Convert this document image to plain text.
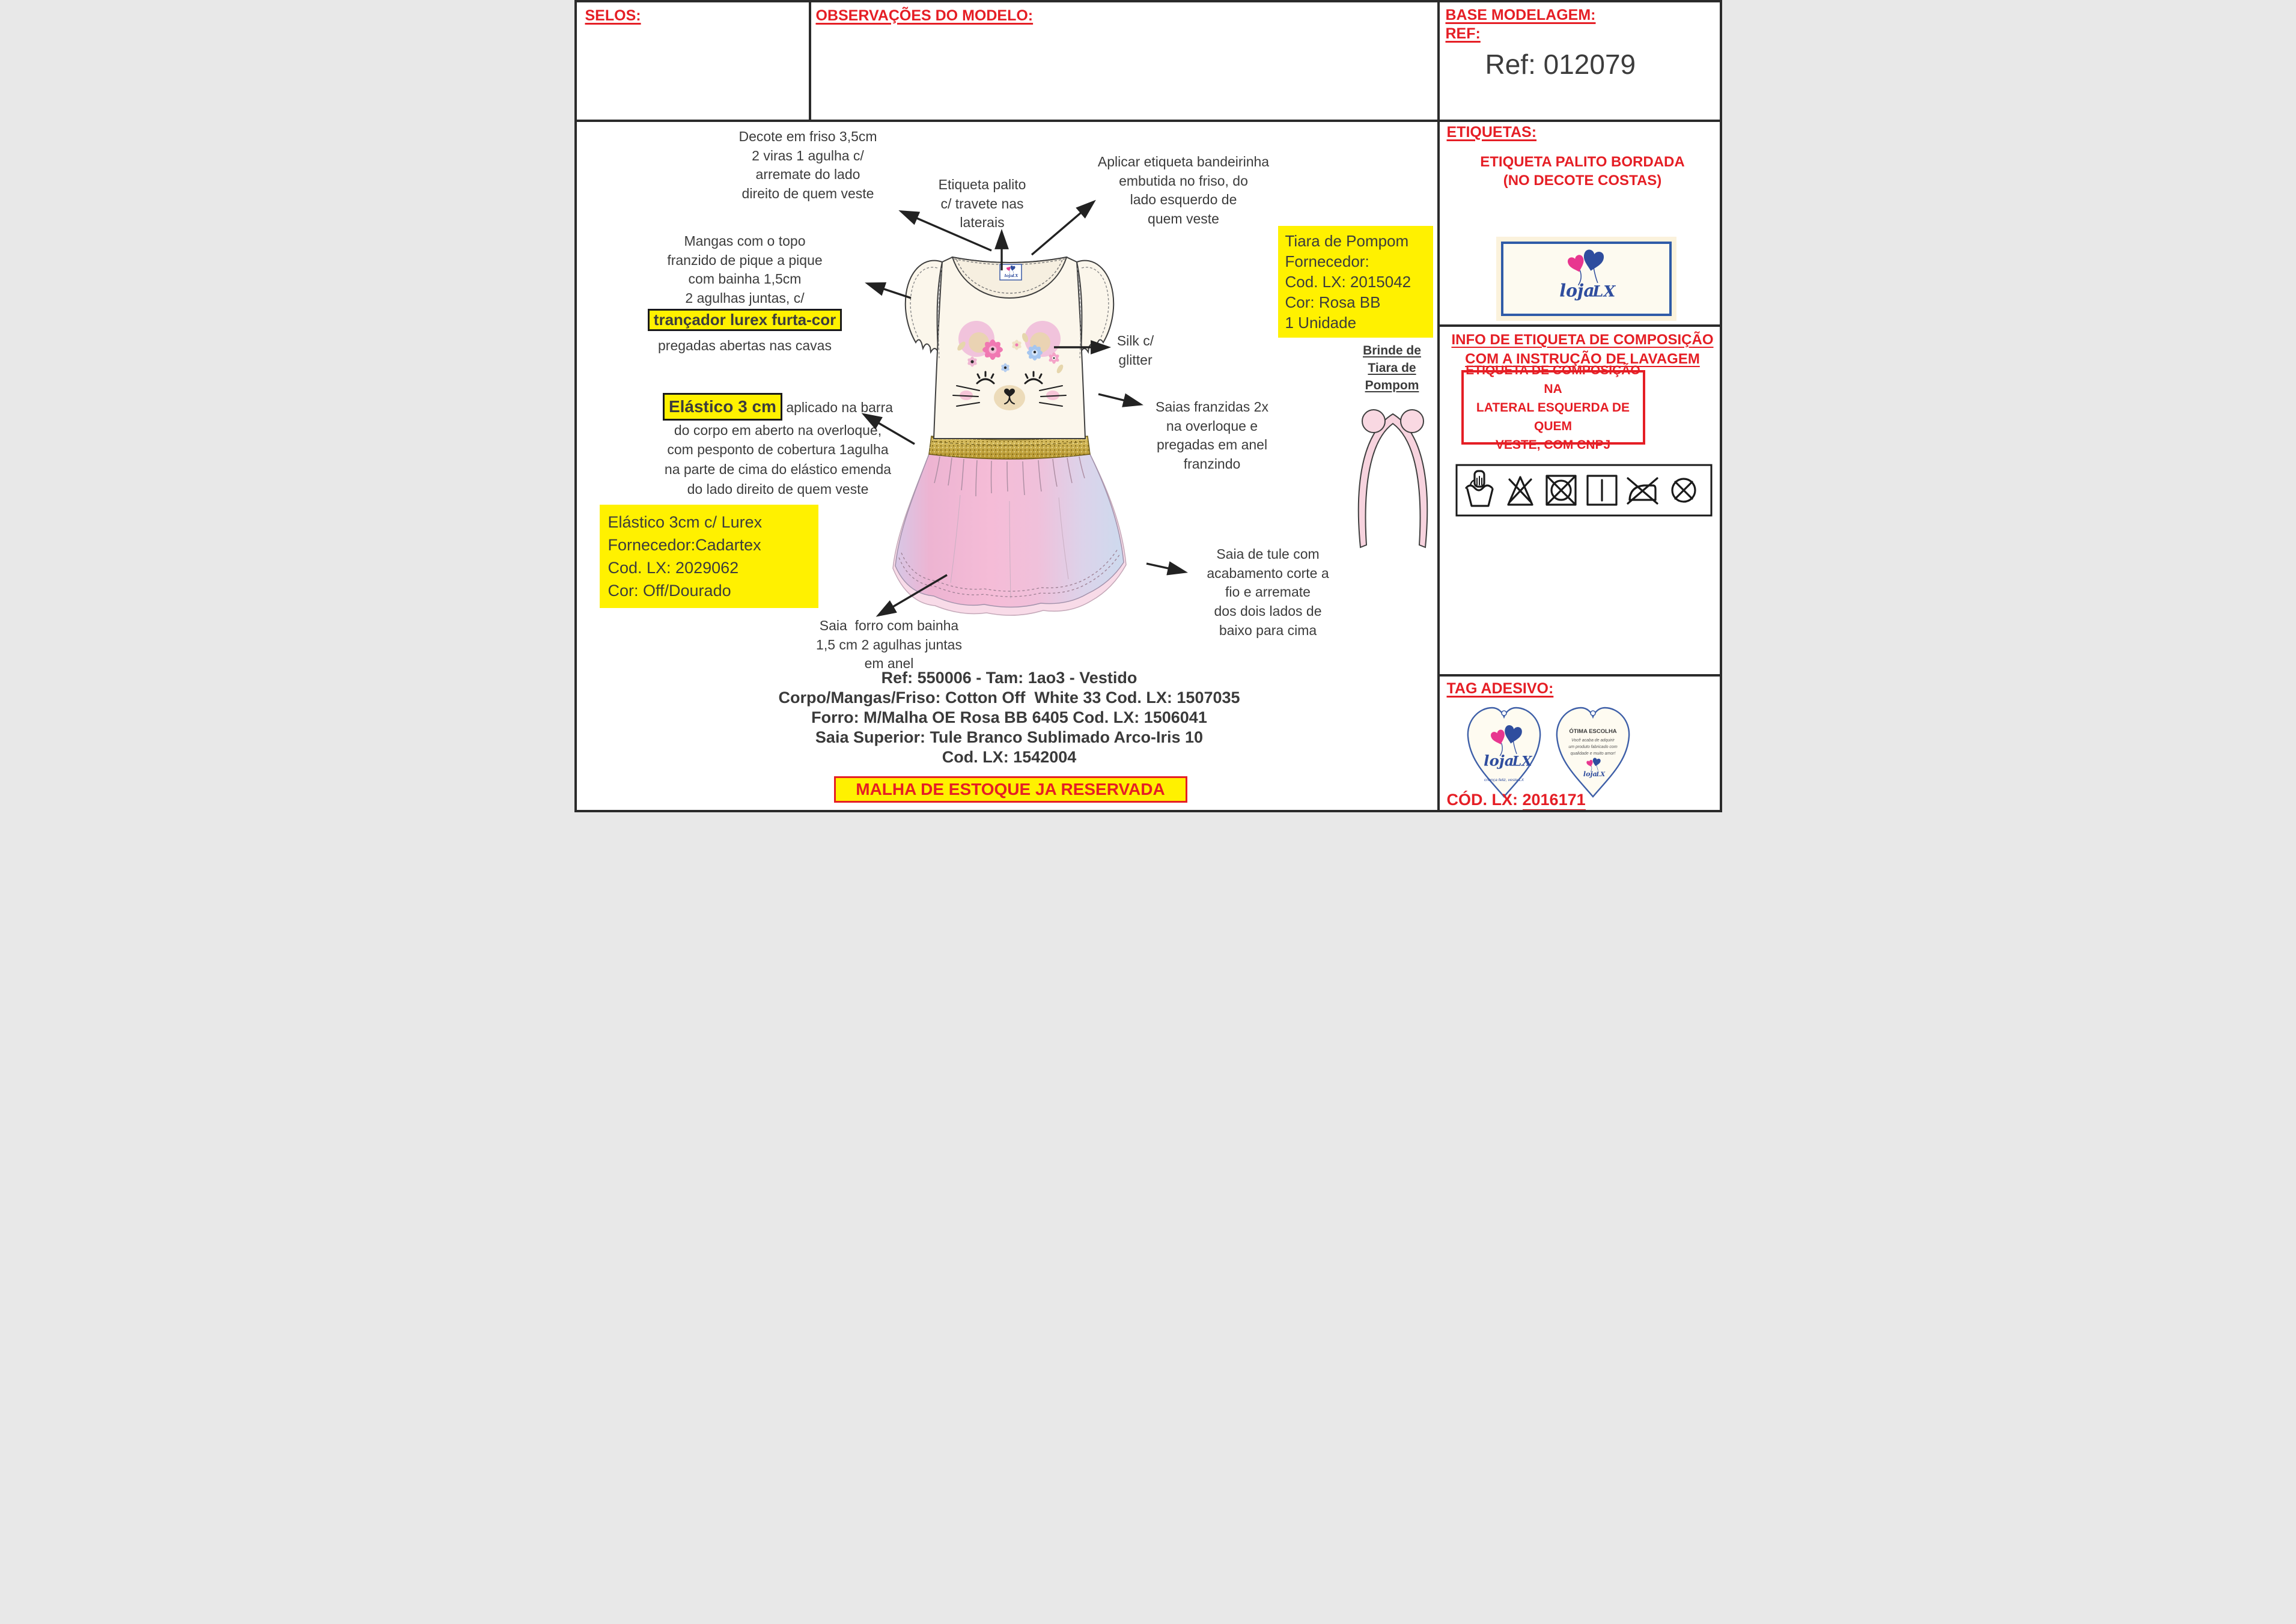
SELOS:	OBSERVAÇÕES DO MODELO:	BASE MODELAGEM:
REF:
Ref: 012079
Decote em friso 3,5cm
2 viras 1 agulha c/
arremate do lado
direito de quem veste
Etiqueta palito
c/ travete nas
laterais
Aplicar etiqueta bandeirinha
embutida no friso, do
lado esquerdo de
quem veste
Mangas com o topo
franzido de pique a pique
com bainha 1,5cm
2 agulhas juntas, c/
trançador lurex furta-cor
pregadas abertas nas cavas
Elástico 3 cm aplicado na barra
do corpo em aberto na overloque,
com pesponto de cobertura 1agulha
na parte de cima do elástico emenda
do lado direito de quem veste
Elástico 3cm c/ Lurex
Fornecedor:Cadartex
Cod. LX: 2029062
Cor: Off/Dourado
Saia  forro com bainha
1,5 cm 2 agulhas juntas
em anel
Silk c/
glitter
Saias franzidas 2x
na overloque e
pregadas em anel
franzindo
Saia de tule com
acabamento corte a
fio e arremate
dos dois lados de
baixo para cima
Tiara de Pompom
Fornecedor:
Cod. LX: 2015042
Cor: Rosa BB
1 Unidade
Brinde de
Tiara de
Pompom
Ref: 550006 - Tam: 1ao3 - Vestido
Corpo/Mangas/Friso: Cotton Off  White 33 Cod. LX: 1507035
Forro: M/Malha OE Rosa BB 6405 Cod. LX: 1506041
Saia Superior: Tule Branco Sublimado Arco-Iris 10
Cod. LX: 1542004
MALHA DE ESTOQUE JA RESERVADA
ETIQUETAS:
ETIQUETA PALITO BORDADA
(NO DECOTE COSTAS)
INFO DE ETIQUETA DE COMPOSIÇÃO
COM A INSTRUÇÃO DE LAVAGEM
ETIQUETA DE COMPOSIÇÃO NA
LATERAL ESQUERDA DE QUEM
VESTE, COM CNPJ
TAG ADESIVO:
criança feliz, veste LX
ÓTIMA ESCOLHA
Você acaba de adquirir
um produto fabricado com
qualidade e muito amor!
CÓD. LX: 2016171
